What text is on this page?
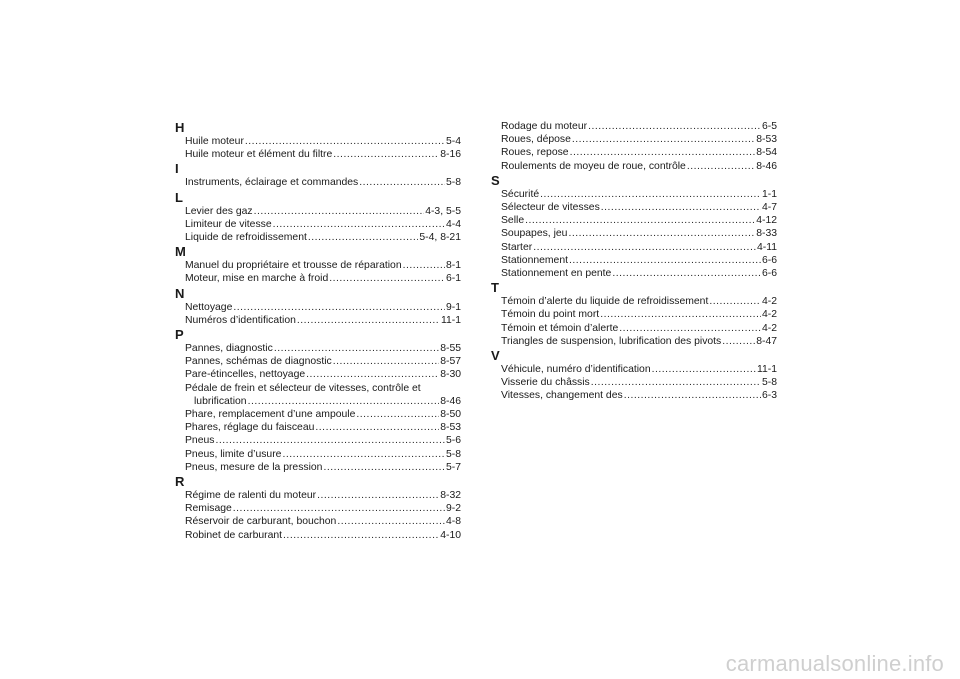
H
Huile moteur .....	5-4
Huile moteur et élément du filtre .....	8-16
I
Instruments, éclairage et commandes .....	5-8
L
Levier des gaz .....	4-3, 5-5
Limiteur de vitesse .....	4-4
Liquide de refroidissement .....	5-4, 8-21
M
Manuel du propriétaire et trousse de réparation .....	8-1
Moteur, mise en marche à froid .....	6-1
N
Nettoyage .....	9-1
Numéros d’identification .....	11-1
P
Pannes, diagnostic .....	8-55
Pannes, schémas de diagnostic .....	8-57
Pare-étincelles, nettoyage .....	8-30
Pédale de frein et sélecteur de vitesses, contrôle et
lubrification .....	8-46
Phare, remplacement d’une ampoule .....	8-50
Phares, réglage du faisceau .....	8-53
Pneus .....	5-6
Pneus, limite d’usure .....	5-8
Pneus, mesure de la pression .....	5-7
R
Régime de ralenti du moteur .....	8-32
Remisage .....	9-2
Réservoir de carburant, bouchon .....	4-8
Robinet de carburant .....	4-10
Rodage du moteur .....	6-5
Roues, dépose .....	8-53
Roues, repose .....	8-54
Roulements de moyeu de roue, contrôle .....	8-46
S
Sécurité .....	1-1
Sélecteur de vitesses .....	4-7
Selle .....	4-12
Soupapes, jeu .....	8-33
Starter .....	4-11
Stationnement .....	6-6
Stationnement en pente .....	6-6
T
Témoin d’alerte du liquide de refroidissement .....	4-2
Témoin du point mort .....	4-2
Témoin et témoin d’alerte .....	4-2
Triangles de suspension, lubrification des pivots .....	8-47
V
Véhicule, numéro d’identification .....	11-1
Visserie du châssis .....	5-8
Vitesses, changement des .....	6-3
carmanualsonline.info
